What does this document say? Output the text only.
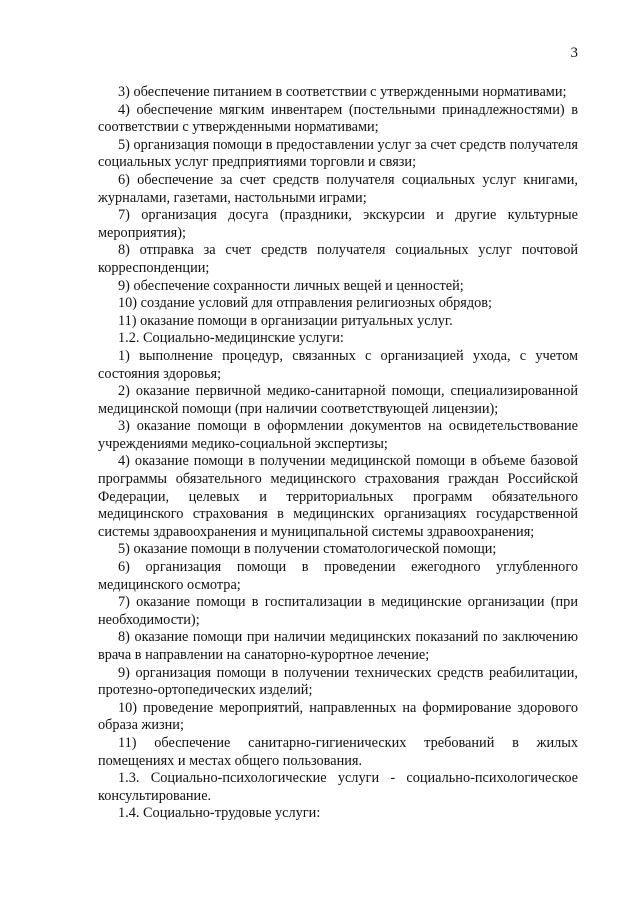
3

3) обеспечение питанием в соответствии с утвержденными нормативами;

4) обеспечение мягким инвентарем (постельными принадлежностями) в соответствии с утвержденными нормативами;

5) организация помощи в предоставлении услуг за счет средств получателя социальных услуг предприятиями торговли и связи;

6) обеспечение за счет средств получателя социальных услуг книгами, журналами, газетами, настольными играми;

7) организация досуга (праздники, экскурсии и другие культурные мероприятия);

8) отправка за счет средств получателя социальных услуг почтовой корреспонденции;

9) обеспечение сохранности личных вещей и ценностей;

10) создание условий для отправления религиозных обрядов;

11) оказание помощи в организации ритуальных услуг.

1.2. Социально-медицинские услуги:

1) выполнение процедур, связанных с организацией ухода, с учетом состояния здоровья;

2) оказание первичной медико-санитарной помощи, специализированной медицинской помощи (при наличии соответствующей лицензии);

3) оказание помощи в оформлении документов на освидетельствование учреждениями медико-социальной экспертизы;

4) оказание помощи в получении медицинской помощи в объеме базовой программы обязательного медицинского страхования граждан Российской Федерации, целевых и территориальных программ обязательного медицинского страхования в медицинских организациях государственной системы здравоохранения и муниципальной системы здравоохранения;

5) оказание помощи в получении стоматологической помощи;

6) организация помощи в проведении ежегодного углубленного медицинского осмотра;

7) оказание помощи в госпитализации в медицинские организации (при необходимости);

8) оказание помощи при наличии медицинских показаний по заключению врача в направлении на санаторно-курортное лечение;

9) организация помощи в получении технических средств реабилитации, протезно-ортопедических изделий;

10) проведение мероприятий, направленных на формирование здорового образа жизни;

11) обеспечение санитарно-гигиенических требований в жилых помещениях и местах общего пользования.

1.3. Социально-психологические услуги - социально-психологическое консультирование.

1.4. Социально-трудовые услуги:
